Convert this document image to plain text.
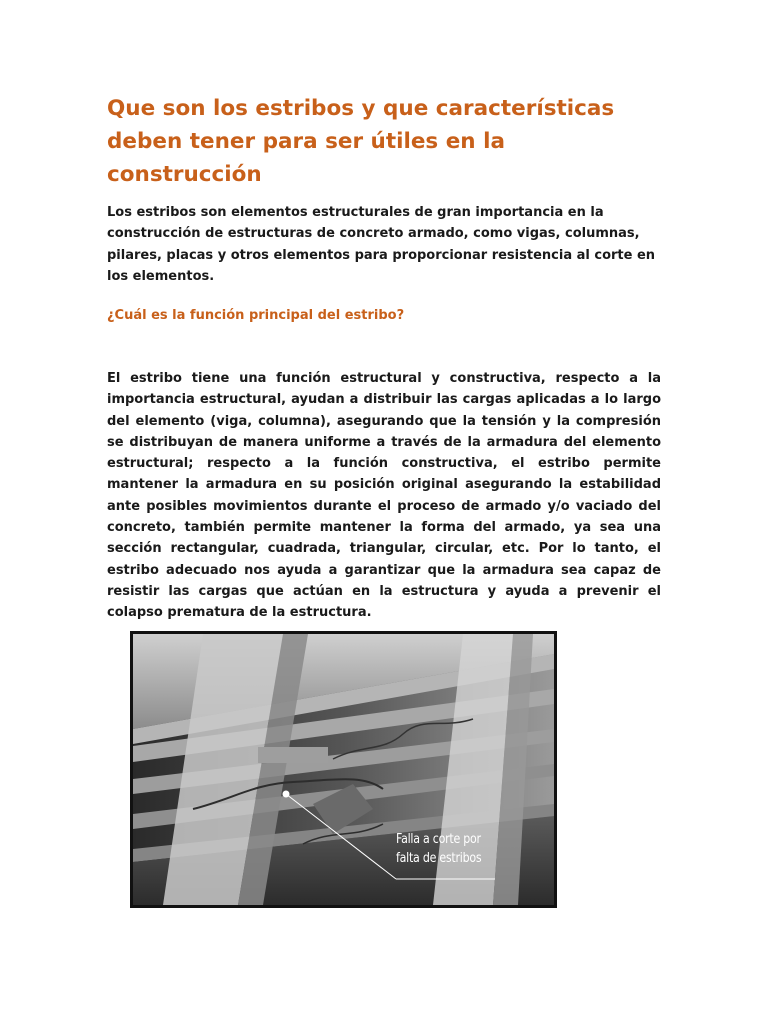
Que son los estribos y que características deben tener para ser útiles en la construcción

Los estribos son elementos estructurales de gran importancia en la construcción de estructuras de concreto armado, como vigas, columnas, pilares, placas y otros elementos para proporcionar resistencia al corte en los elementos.

¿Cuál es la función principal del estribo?

El estribo tiene una función estructural y constructiva, respecto a la importancia estructural, ayudan a distribuir las cargas aplicadas a lo largo del elemento (viga, columna), asegurando que la tensión y la compresión se distribuyan de manera uniforme a través de la armadura del elemento estructural; respecto a la función constructiva, el estribo permite mantener la armadura en su posición original asegurando la estabilidad ante posibles movimientos durante el proceso de armado y/o vaciado del concreto, también permite mantener la forma del armado, ya sea una sección rectangular, cuadrada, triangular, circular, etc. Por lo tanto, el estribo adecuado nos ayuda a garantizar que la armadura sea capaz de resistir las cargas que actúan en la estructura y ayuda a prevenir el colapso prematura de la estructura.

Falla a corte por
falta de estribos
